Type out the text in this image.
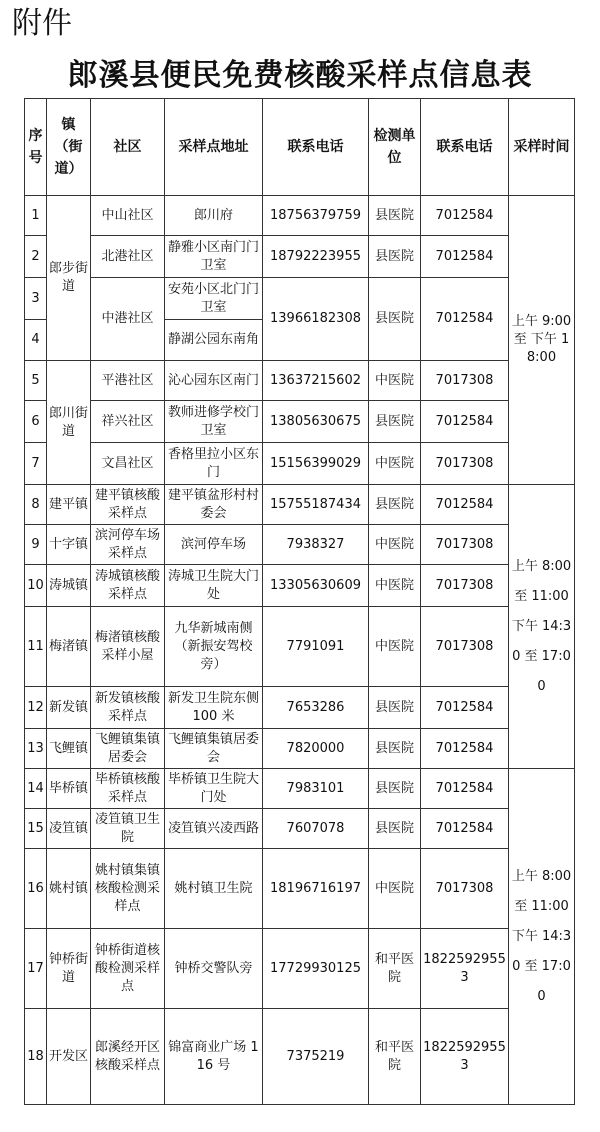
附件
郎溪县便民免费核酸采样点信息表
序号	镇（街道）	社区	采样点地址	联系电话	检测单位	联系电话	采样时间
1	郎步街道	中山社区	郎川府	18756379759	县医院	7012584	上午 9:00 至 下午 18:00
2		北港社区	静雅小区南门门卫室	18792223955	县医院	7012584	
3		中港社区	安苑小区北门门卫室	13966182308	县医院	7012584	
4			静湖公园东南角				
5	郎川街道	平港社区	沁心园东区南门	13637215602	中医院	7017308	
6		祥兴社区	教师进修学校门卫室	13805630675	县医院	7012584	
7		文昌社区	香格里拉小区东门	15156399029	中医院	7017308	
8	建平镇	建平镇核酸采样点	建平镇盆形村村委会	15755187434	县医院	7012584	上午 8:00 至 11:00 下午 14:30 至 17:00
9	十字镇	滨河停车场采样点	滨河停车场	7938327	中医院	7017308	
10	涛城镇	涛城镇核酸采样点	涛城卫生院大门处	13305630609	中医院	7017308	
11	梅渚镇	梅渚镇核酸采样小屋	九华新城南侧（新振安驾校旁）	7791091	中医院	7017308	
12	新发镇	新发镇核酸采样点	新发卫生院东侧 100 米	7653286	县医院	7012584	
13	飞鲤镇	飞鲤镇集镇居委会	飞鲤镇集镇居委会	7820000	县医院	7012584	
14	毕桥镇	毕桥镇核酸采样点	毕桥镇卫生院大门处	7983101	县医院	7012584	上午 8:00 至 11:00 下午 14:30 至 17:00
15	凌笪镇	凌笪镇卫生院	凌笪镇兴凌西路	7607078	县医院	7012584	
16	姚村镇	姚村镇集镇核酸检测采样点	姚村镇卫生院	18196716197	中医院	7017308	
17	钟桥街道	钟桥街道核酸检测采样点	钟桥交警队旁	17729930125	和平医院	18225929553	
18	开发区	郎溪经开区核酸采样点	锦富商业广场 116 号	7375219	和平医院	18225929553	
